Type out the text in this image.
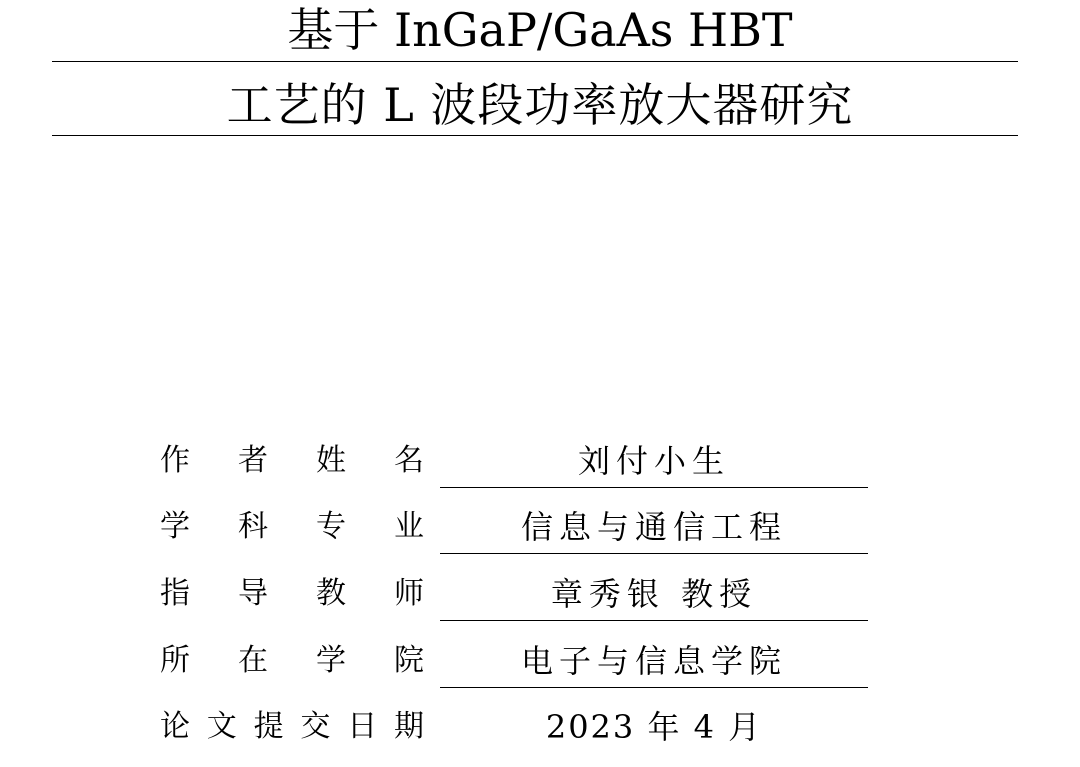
基于 InGaP/GaAs HBT
工艺的 L 波段功率放大器研究
作 者 姓 名	刘付小生
学 科 专 业	信息与通信工程
指 导 教 师	章秀银 教授
所 在 学 院	电子与信息学院
论 文 提 交 日 期	2023 年 4 月
